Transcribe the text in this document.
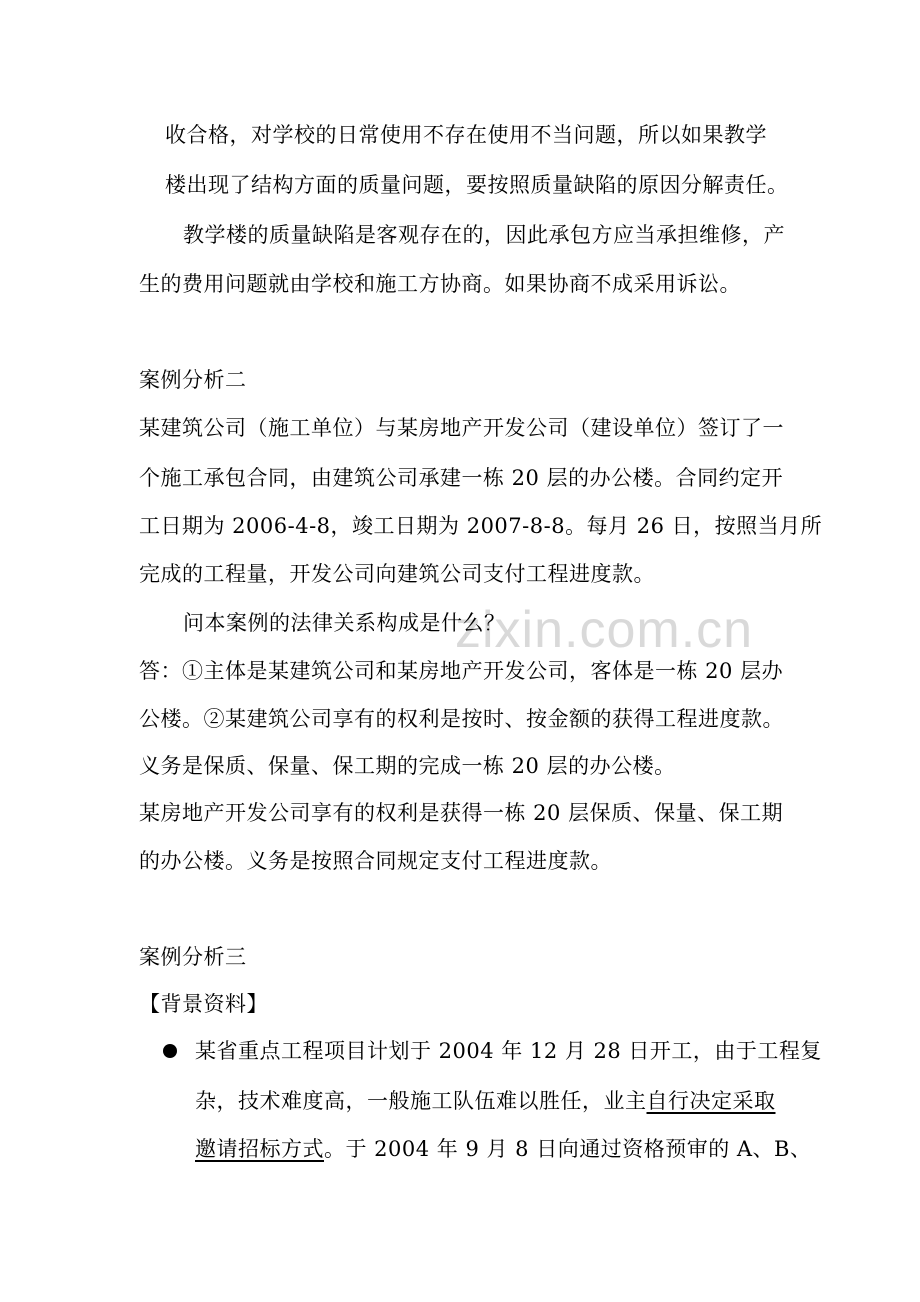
zixin.com.cn
收合格，对学校的日常使用不存在使用不当问题，所以如果教学
楼出现了结构方面的质量问题，要按照质量缺陷的原因分解责任。
教学楼的质量缺陷是客观存在的，因此承包方应当承担维修，产
生的费用问题就由学校和施工方协商。如果协商不成采用诉讼。
案例分析二
某建筑公司（施工单位）与某房地产开发公司（建设单位）签订了一
个施工承包合同，由建筑公司承建一栋 20 层的办公楼。合同约定开
工日期为 2006-4-8，竣工日期为 2007-8-8。每月 26 日，按照当月所
完成的工程量，开发公司向建筑公司支付工程进度款。
问本案例的法律关系构成是什么？
答：①主体是某建筑公司和某房地产开发公司，客体是一栋 20 层办
公楼。②某建筑公司享有的权利是按时、按金额的获得工程进度款。
义务是保质、保量、保工期的完成一栋 20 层的办公楼。
某房地产开发公司享有的权利是获得一栋 20 层保质、保量、保工期
的办公楼。义务是按照合同规定支付工程进度款。
案例分析三
【背景资料】
某省重点工程项目计划于 2004 年 12 月 28 日开工，由于工程复
杂，技术难度高，一般施工队伍难以胜任，业主自行决定采取
邀请招标方式。于 2004 年 9 月 8 日向通过资格预审的 A、B、
